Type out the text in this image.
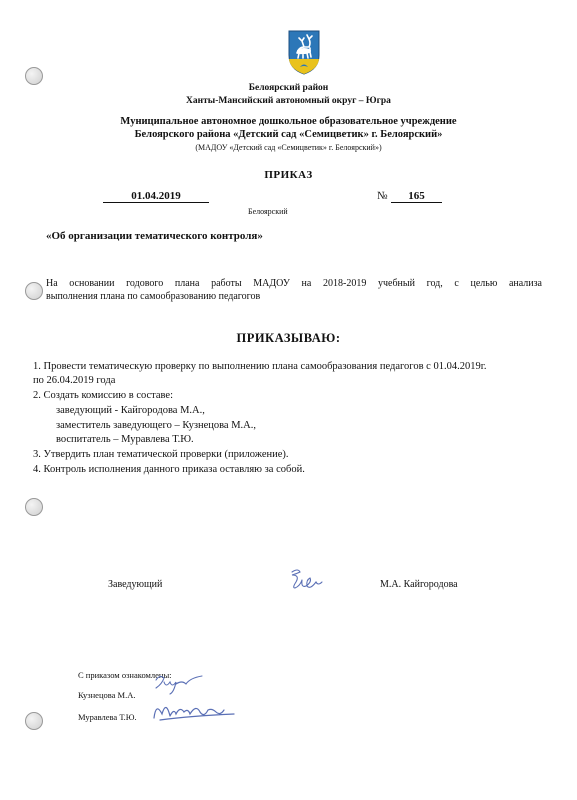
Белоярский район
Ханты-Мансийский автономный округ – Югра
Муниципальное автономное дошкольное образовательное учреждение
Белоярского района «Детский сад «Семицветик» г. Белоярский»
(МАДОУ «Детский сад «Семицветик» г. Белоярский»)
ПРИКАЗ
01.04.2019	№	165
Белоярский
«Об организации тематического контроля»
На основании годового плана работы МАДОУ на 2018-2019 учебный год, с целью анализа
выполнения плана по самообразованию педагогов
ПРИКАЗЫВАЮ:
1. Провести тематическую проверку по выполнению плана самообразования педагогов с 01.04.2019г.
по 26.04.2019 года
2. Создать комиссию в составе:
заведующий - Кайгородова М.А.,
заместитель заведующего – Кузнецова М.А.,
воспитатель – Муравлева Т.Ю.
3. Утвердить план тематической проверки (приложение).
4. Контроль исполнения данного приказа оставляю за собой.
Заведующий	М.А. Кайгородова
С приказом ознакомлены:
Кузнецова М.А.
Муравлева Т.Ю.
